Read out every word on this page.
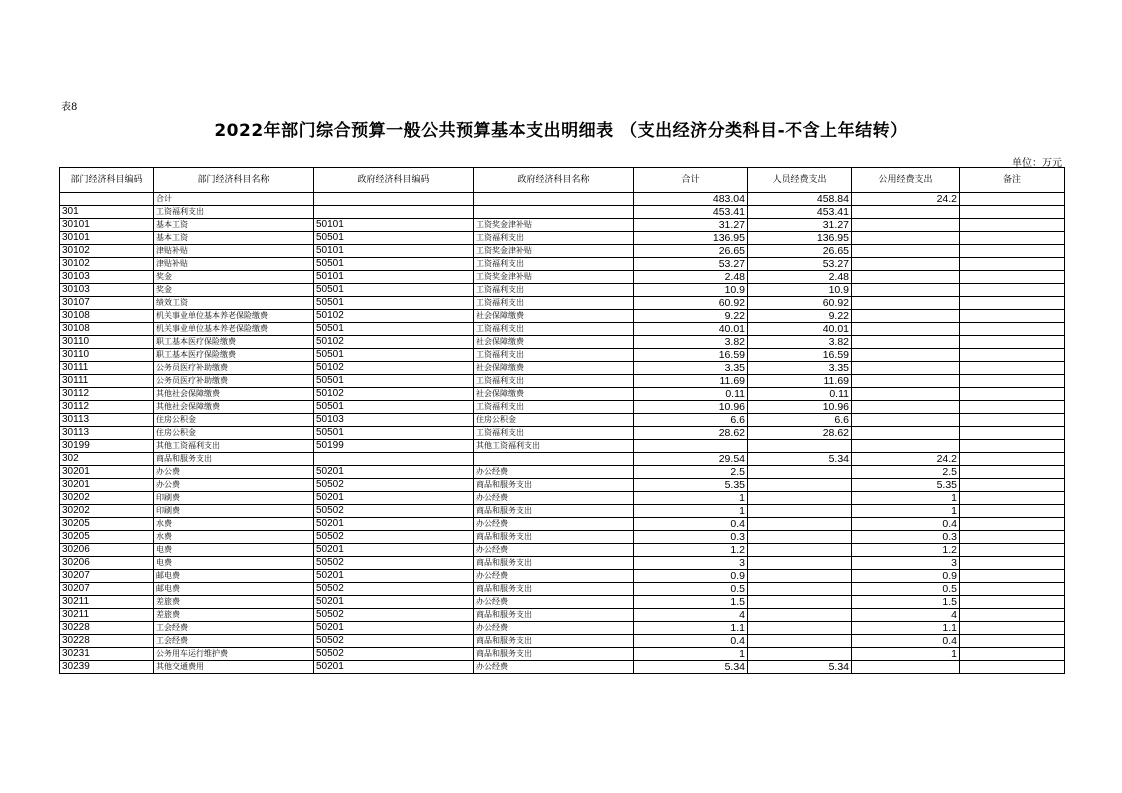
表8
2022年部门综合预算一般公共预算基本支出明细表 （支出经济分类科目-不含上年结转）
单位：万元
部门经济科目编码	部门经济科目名称	政府经济科目编码	政府经济科目名称	合计	人员经费支出	公用经费支出	备注
	合计			483.04	458.84	24.2	
301	工资福利支出			453.41	453.41		
30101	基本工资	50101	工资奖金津补贴	31.27	31.27		
30101	基本工资	50501	工资福利支出	136.95	136.95		
30102	津贴补贴	50101	工资奖金津补贴	26.65	26.65		
30102	津贴补贴	50501	工资福利支出	53.27	53.27		
30103	奖金	50101	工资奖金津补贴	2.48	2.48		
30103	奖金	50501	工资福利支出	10.9	10.9		
30107	绩效工资	50501	工资福利支出	60.92	60.92		
30108	机关事业单位基本养老保险缴费	50102	社会保障缴费	9.22	9.22		
30108	机关事业单位基本养老保险缴费	50501	工资福利支出	40.01	40.01		
30110	职工基本医疗保险缴费	50102	社会保障缴费	3.82	3.82		
30110	职工基本医疗保险缴费	50501	工资福利支出	16.59	16.59		
30111	公务员医疗补助缴费	50102	社会保障缴费	3.35	3.35		
30111	公务员医疗补助缴费	50501	工资福利支出	11.69	11.69		
30112	其他社会保障缴费	50102	社会保障缴费	0.11	0.11		
30112	其他社会保障缴费	50501	工资福利支出	10.96	10.96		
30113	住房公积金	50103	住房公积金	6.6	6.6		
30113	住房公积金	50501	工资福利支出	28.62	28.62		
30199	其他工资福利支出	50199	其他工资福利支出				
302	商品和服务支出			29.54	5.34	24.2	
30201	办公费	50201	办公经费	2.5		2.5	
30201	办公费	50502	商品和服务支出	5.35		5.35	
30202	印刷费	50201	办公经费	1		1	
30202	印刷费	50502	商品和服务支出	1		1	
30205	水费	50201	办公经费	0.4		0.4	
30205	水费	50502	商品和服务支出	0.3		0.3	
30206	电费	50201	办公经费	1.2		1.2	
30206	电费	50502	商品和服务支出	3		3	
30207	邮电费	50201	办公经费	0.9		0.9	
30207	邮电费	50502	商品和服务支出	0.5		0.5	
30211	差旅费	50201	办公经费	1.5		1.5	
30211	差旅费	50502	商品和服务支出	4		4	
30228	工会经费	50201	办公经费	1.1		1.1	
30228	工会经费	50502	商品和服务支出	0.4		0.4	
30231	公务用车运行维护费	50502	商品和服务支出	1		1	
30239	其他交通费用	50201	办公经费	5.34	5.34		
